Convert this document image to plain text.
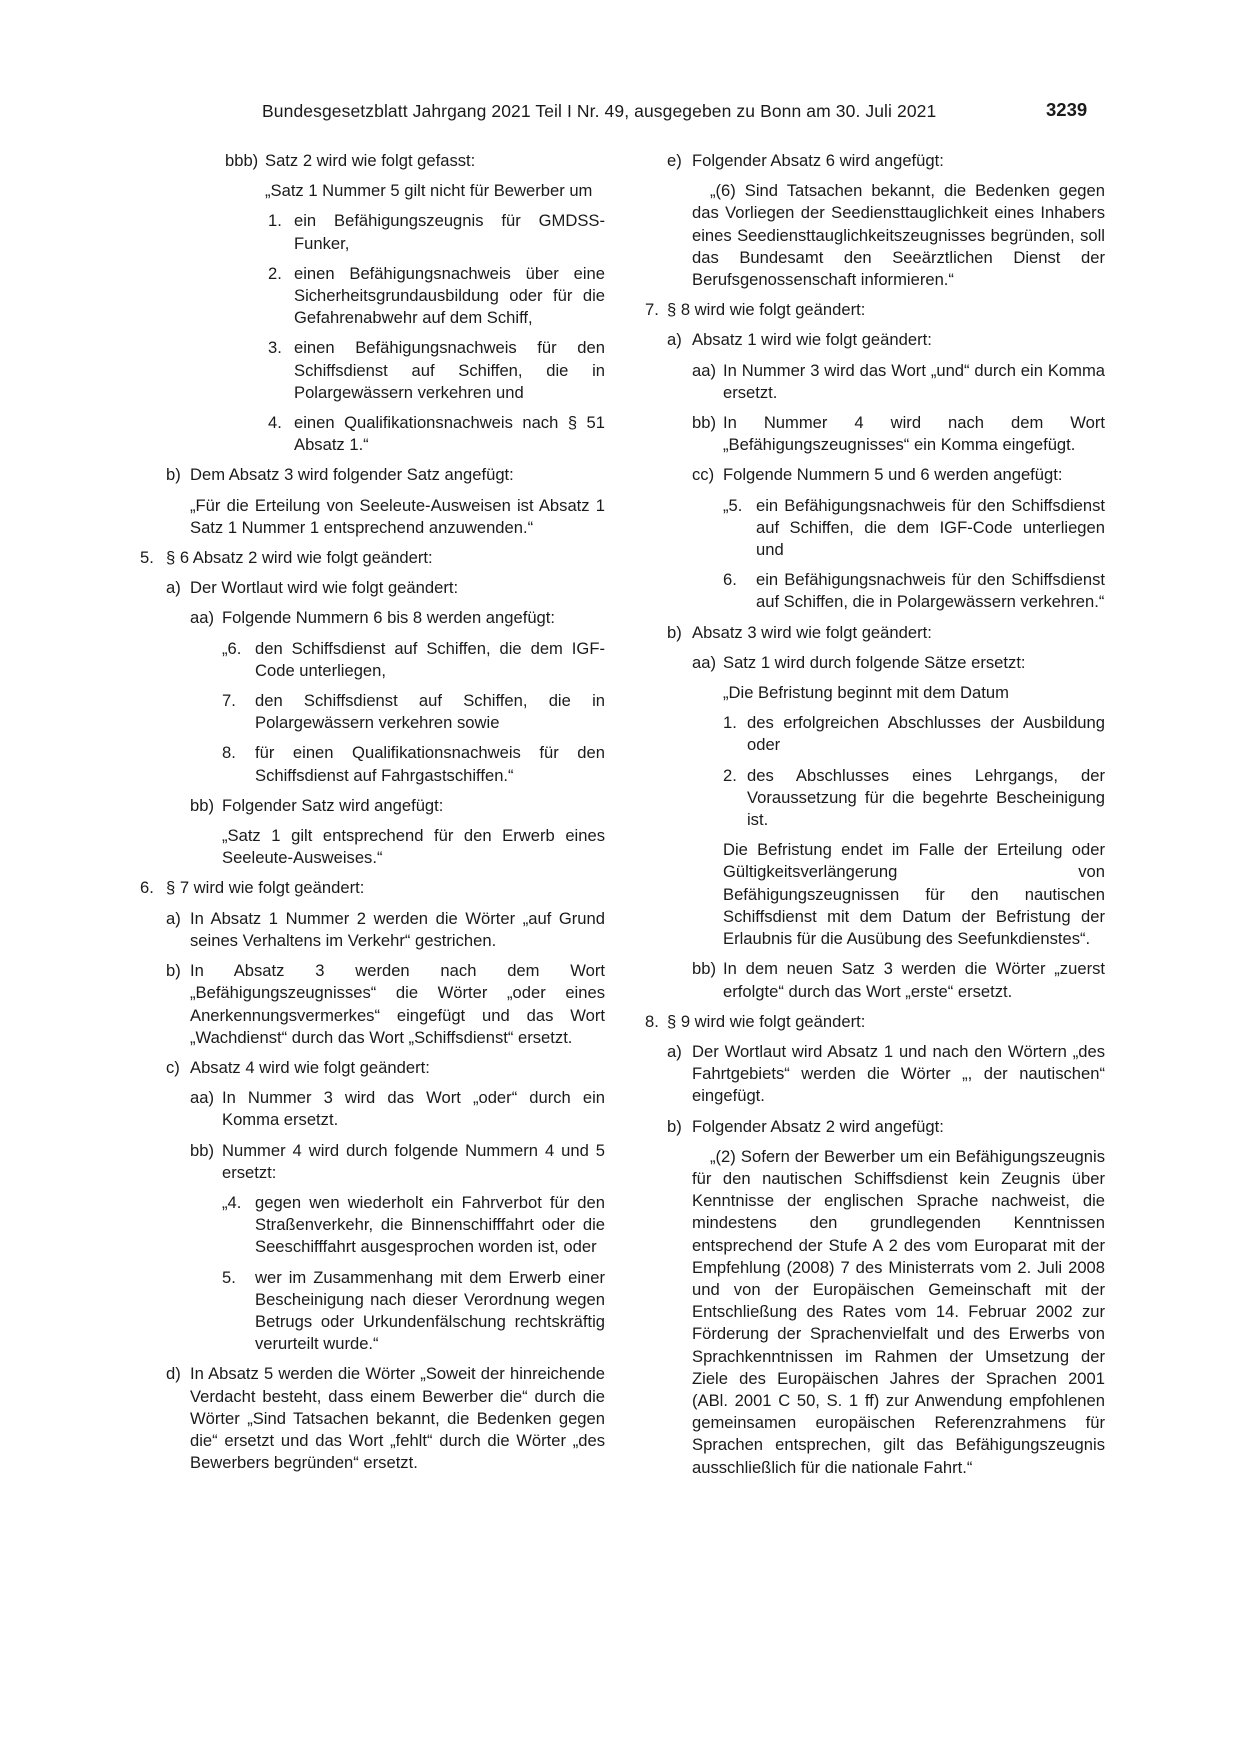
Bundesgesetzblatt Jahrgang 2021 Teil I Nr. 49, ausgegeben zu Bonn am 30. Juli 2021	3239
bbb) Satz 2 wird wie folgt gefasst:
„Satz 1 Nummer 5 gilt nicht für Bewerber um
1. ein Befähigungszeugnis für GMDSS-Funker,
2. einen Befähigungsnachweis über eine Sicherheitsgrundausbildung oder für die Gefahrenabwehr auf dem Schiff,
3. einen Befähigungsnachweis für den Schiffsdienst auf Schiffen, die in Polargewässern verkehren und
4. einen Qualifikationsnachweis nach § 51 Absatz 1.“
b) Dem Absatz 3 wird folgender Satz angefügt:
„Für die Erteilung von Seeleute-Ausweisen ist Absatz 1 Satz 1 Nummer 1 entsprechend anzuwenden.“
5. § 6 Absatz 2 wird wie folgt geändert:
a) Der Wortlaut wird wie folgt geändert:
aa) Folgende Nummern 6 bis 8 werden angefügt:
„6. den Schiffsdienst auf Schiffen, die dem IGF-Code unterliegen,
7. den Schiffsdienst auf Schiffen, die in Polargewässern verkehren sowie
8. für einen Qualifikationsnachweis für den Schiffsdienst auf Fahrgastschiffen.“
bb) Folgender Satz wird angefügt:
„Satz 1 gilt entsprechend für den Erwerb eines Seeleute-Ausweises.“
6. § 7 wird wie folgt geändert:
a) In Absatz 1 Nummer 2 werden die Wörter „auf Grund seines Verhaltens im Verkehr“ gestrichen.
b) In Absatz 3 werden nach dem Wort „Befähigungszeugnisses“ die Wörter „oder eines Anerkennungsvermerkes“ eingefügt und das Wort „Wachdienst“ durch das Wort „Schiffsdienst“ ersetzt.
c) Absatz 4 wird wie folgt geändert:
aa) In Nummer 3 wird das Wort „oder“ durch ein Komma ersetzt.
bb) Nummer 4 wird durch folgende Nummern 4 und 5 ersetzt:
„4. gegen wen wiederholt ein Fahrverbot für den Straßenverkehr, die Binnenschifffahrt oder die Seeschifffahrt ausgesprochen worden ist, oder
5. wer im Zusammenhang mit dem Erwerb einer Bescheinigung nach dieser Verordnung wegen Betrugs oder Urkundenfälschung rechtskräftig verurteilt wurde.“
d) In Absatz 5 werden die Wörter „Soweit der hinreichende Verdacht besteht, dass einem Bewerber die“ durch die Wörter „Sind Tatsachen bekannt, die Bedenken gegen die“ ersetzt und das Wort „fehlt“ durch die Wörter „des Bewerbers begründen“ ersetzt.
e) Folgender Absatz 6 wird angefügt:
„(6) Sind Tatsachen bekannt, die Bedenken gegen das Vorliegen der Seediensttauglichkeit eines Inhabers eines Seediensttauglichkeitszeugnisses begründen, soll das Bundesamt den Seeärztlichen Dienst der Berufsgenossenschaft informieren.“
7. § 8 wird wie folgt geändert:
a) Absatz 1 wird wie folgt geändert:
aa) In Nummer 3 wird das Wort „und“ durch ein Komma ersetzt.
bb) In Nummer 4 wird nach dem Wort „Befähigungszeugnisses“ ein Komma eingefügt.
cc) Folgende Nummern 5 und 6 werden angefügt:
„5. ein Befähigungsnachweis für den Schiffsdienst auf Schiffen, die dem IGF-Code unterliegen und
6. ein Befähigungsnachweis für den Schiffsdienst auf Schiffen, die in Polargewässern verkehren.“
b) Absatz 3 wird wie folgt geändert:
aa) Satz 1 wird durch folgende Sätze ersetzt:
„Die Befristung beginnt mit dem Datum
1. des erfolgreichen Abschlusses der Ausbildung oder
2. des Abschlusses eines Lehrgangs, der Voraussetzung für die begehrte Bescheinigung ist.
Die Befristung endet im Falle der Erteilung oder Gültigkeitsverlängerung von Befähigungszeugnissen für den nautischen Schiffsdienst mit dem Datum der Befristung der Erlaubnis für die Ausübung des Seefunkdienstes“.
bb) In dem neuen Satz 3 werden die Wörter „zuerst erfolgte“ durch das Wort „erste“ ersetzt.
8. § 9 wird wie folgt geändert:
a) Der Wortlaut wird Absatz 1 und nach den Wörtern „des Fahrtgebiets“ werden die Wörter „, der nautischen“ eingefügt.
b) Folgender Absatz 2 wird angefügt:
„(2) Sofern der Bewerber um ein Befähigungszeugnis für den nautischen Schiffsdienst kein Zeugnis über Kenntnisse der englischen Sprache nachweist, die mindestens den grundlegenden Kenntnissen entsprechend der Stufe A 2 des vom Europarat mit der Empfehlung (2008) 7 des Ministerrats vom 2. Juli 2008 und von der Europäischen Gemeinschaft mit der Entschließung des Rates vom 14. Februar 2002 zur Förderung der Sprachenvielfalt und des Erwerbs von Sprachkenntnissen im Rahmen der Umsetzung der Ziele des Europäischen Jahres der Sprachen 2001 (ABl. 2001 C 50, S. 1 ff) zur Anwendung empfohlenen gemeinsamen europäischen Referenzrahmens für Sprachen entsprechen, gilt das Befähigungszeugnis ausschließlich für die nationale Fahrt.“
